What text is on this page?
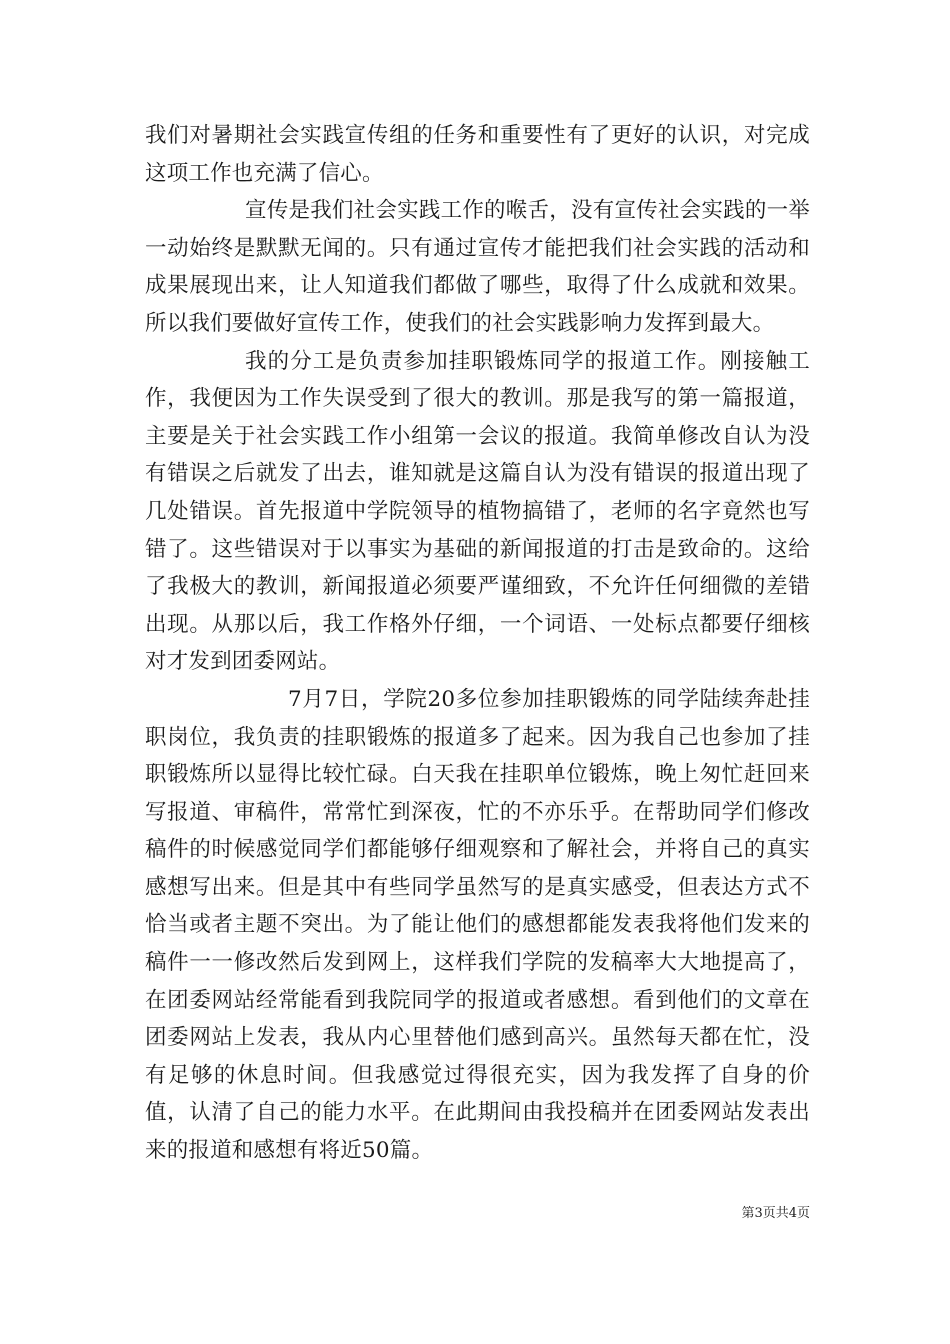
我们对暑期社会实践宣传组的任务和重要性有了更好的认识，对完成这项工作也充满了信心。

宣传是我们社会实践工作的喉舌，没有宣传社会实践的一举一动始终是默默无闻的。只有通过宣传才能把我们社会实践的活动和成果展现出来，让人知道我们都做了哪些，取得了什么成就和效果。所以我们要做好宣传工作，使我们的社会实践影响力发挥到最大。

我的分工是负责参加挂职锻炼同学的报道工作。刚接触工作，我便因为工作失误受到了很大的教训。那是我写的第一篇报道，主要是关于社会实践工作小组第一会议的报道。我简单修改自认为没有错误之后就发了出去，谁知就是这篇自认为没有错误的报道出现了几处错误。首先报道中学院领导的植物搞错了，老师的名字竟然也写错了。这些错误对于以事实为基础的新闻报道的打击是致命的。这给了我极大的教训，新闻报道必须要严谨细致，不允许任何细微的差错出现。从那以后，我工作格外仔细，一个词语、一处标点都要仔细核对才发到团委网站。

7月7日，学院20多位参加挂职锻炼的同学陆续奔赴挂职岗位，我负责的挂职锻炼的报道多了起来。因为我自己也参加了挂职锻炼所以显得比较忙碌。白天我在挂职单位锻炼，晚上匆忙赶回来写报道、审稿件，常常忙到深夜，忙的不亦乐乎。在帮助同学们修改稿件的时候感觉同学们都能够仔细观察和了解社会，并将自己的真实感想写出来。但是其中有些同学虽然写的是真实感受，但表达方式不恰当或者主题不突出。为了能让他们的感想都能发表我将他们发来的稿件一一修改然后发到网上，这样我们学院的发稿率大大地提高了，在团委网站经常能看到我院同学的报道或者感想。看到他们的文章在团委网站上发表，我从内心里替他们感到高兴。虽然每天都在忙，没有足够的休息时间。但我感觉过得很充实，因为我发挥了自身的价值，认清了自己的能力水平。在此期间由我投稿并在团委网站发表出来的报道和感想有将近50篇。

第3页共4页
